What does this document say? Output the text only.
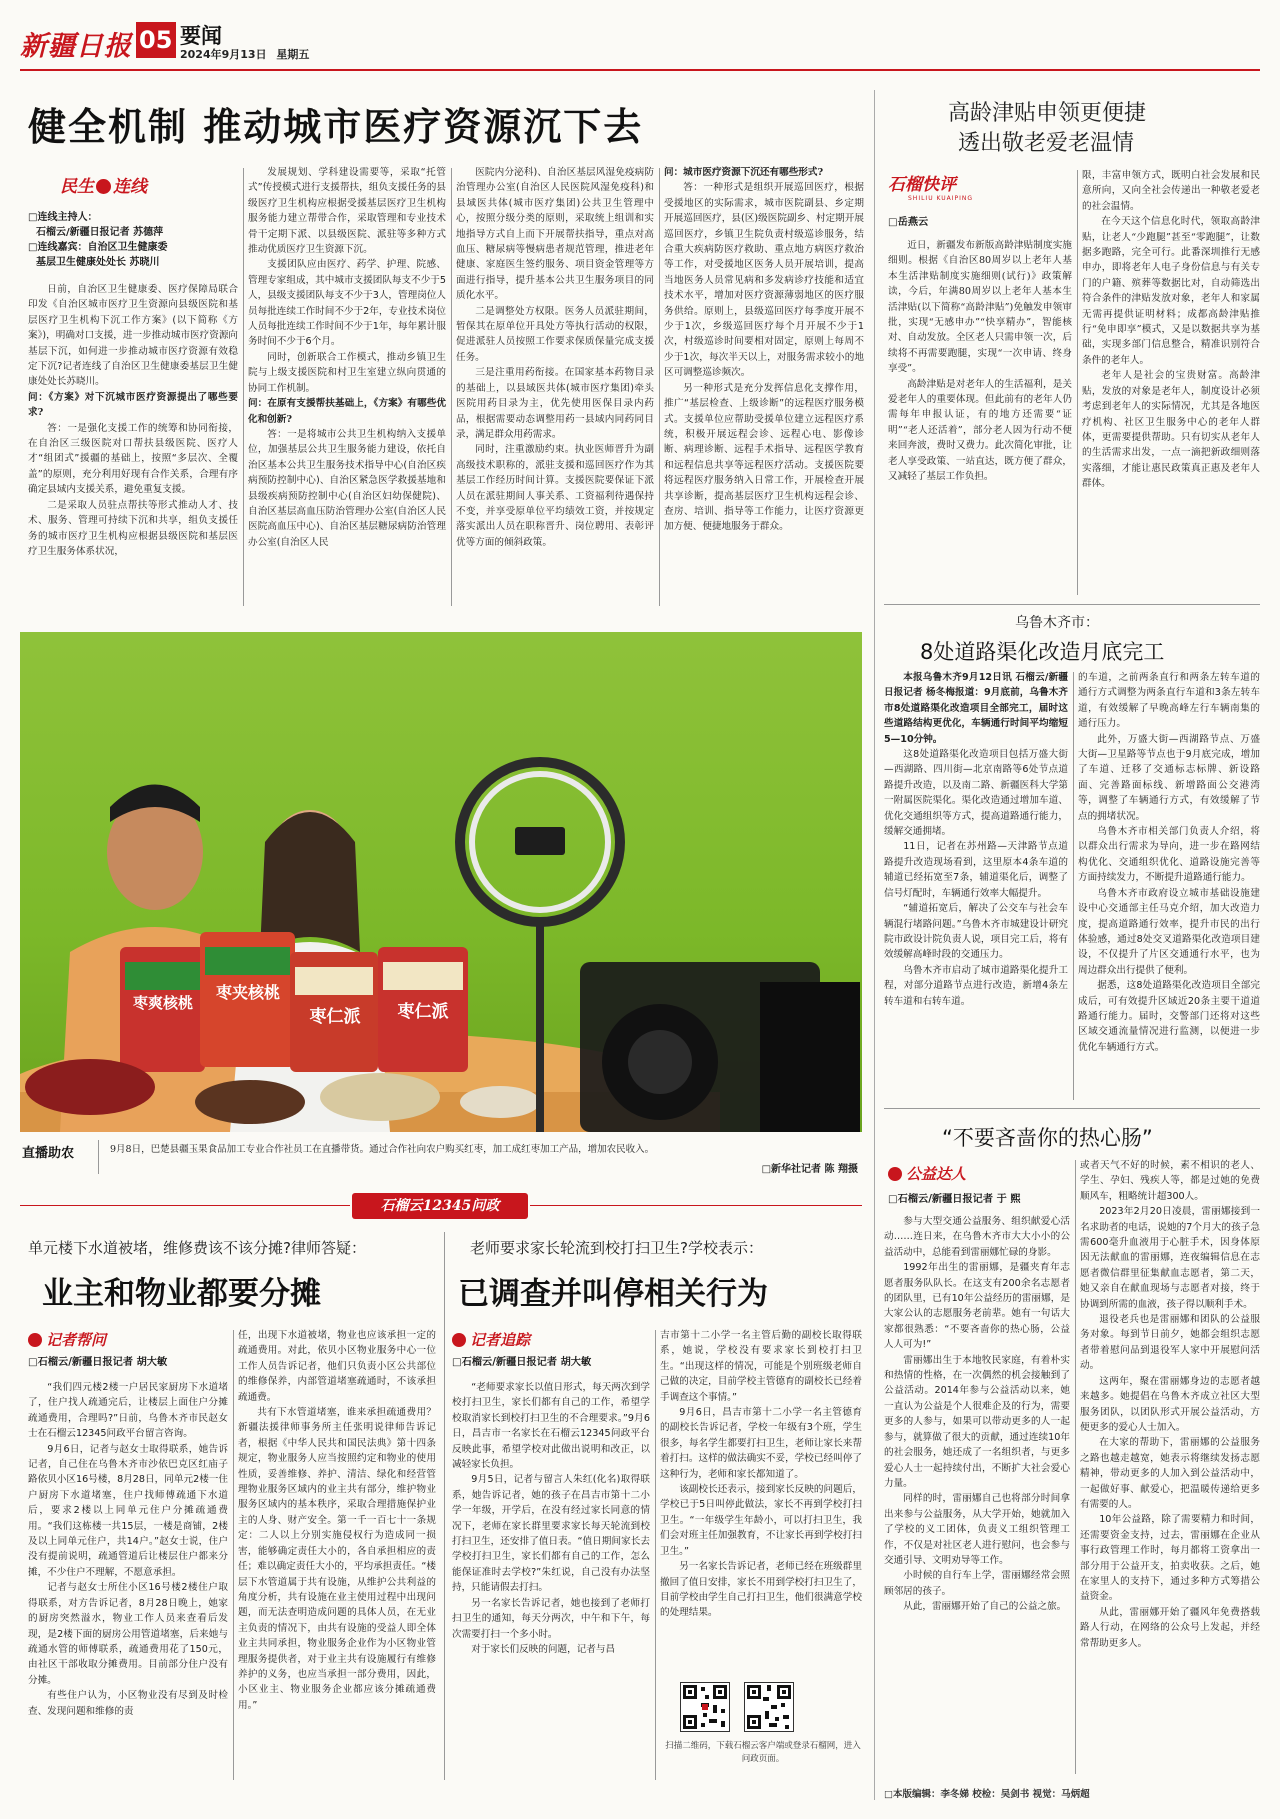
新疆日报 05 要闻
2024年9月13日 星期五
健全机制 推动城市医疗资源沉下去
民生 连线
□连线主持人：
石榴云/新疆日报记者 苏德萍
□连线嘉宾：自治区卫生健康委
基层卫生健康处处长 苏晓川

日前，自治区卫生健康委、医疗保障局联合印发《自治区城市医疗卫生资源向县级医院和基层医疗卫生机构下沉工作方案》(以下简称《方案》)，明确对口支援，进一步推动城市医疗资源向基层下沉，如何进一步推动城市医疗资源有效稳定下沉?记者连线了自治区卫生健康委基层卫生健康处处长苏晓川。

问：《方案》对下沉城市医疗资源提出了哪些要求?

答：一是强化支援工作的统筹和协同衔接，在自治区三级医院对口帮扶县级医院、医疗人才“组团式”援疆的基础上，按照“多层次、全覆盖”的原则，充分利用好现有合作关系，合理有序确定县域内支援关系，避免重复支援。

二是采取人员驻点帮扶等形式推动人才、技术、服务、管理可持续下沉和共享，组负支援任务的城市医疗卫生机构应根据县级医院和基层医疗卫生服务体系状况，

发展规划、学科建设需要等，采取“托管式”传授模式进行支援帮扶，组负支援任务的县级医疗卫生机构应根据受援基层医疗卫生机构服务能力建立帮带合作，采取管理和专业技术骨干定期下派、以县级医院、派驻等多种方式推动优质医疗卫生资源下沉。

支援团队应由医疗、药学、护理、院感、管理专家组成，其中城市支援团队每支不少于5人，县级支援团队每支不少于3人，管理岗位人员每批连续工作时间不少于2年，专业技术岗位人员每批连续工作时间不少于1年，每年累计服务时间不少于6个月。

同时，创新联合工作模式，推动乡镇卫生院与上级支援医院和村卫生室建立纵向贯通的协同工作机制。

问：在原有支援帮扶基础上，《方案》有哪些优化和创新?

答：一是将城市公共卫生机构纳入支援单位，加强基层公共卫生服务能力建设，依托自治区基本公共卫生服务技术指导中心(自治区疾病预防控制中心)、自治区紧急医学救援基地和县级疾病预防控制中心(自治区妇幼保健院)、自治区基层高血压防治管理办公室(自治区人民医院高血压中心)、自治区基层糖尿病防治管理办公室(自治区人民

医院内分泌科)、自治区基层风湿免疫病防治管理办公室(自治区人民医院风湿免疫科)和县域医共体(城市医疗集团)公共卫生管理中心，按照分级分类的原则，采取统上组训和实地指导方式自上而下开展帮扶指导，重点对高血压、糖尿病等慢病患者规范管理，推进老年健康、家庭医生签约服务、项目资金管理等方面进行指导，提升基本公共卫生服务项目的同质化水平。

二是调整处方权限。医务人员派驻期间，暂保其在原单位开具处方等执行活动的权限，促进派驻人员按照工作要求保质保量完成支援任务。

三是注重用药衔接。在国家基本药物目录的基础上，以县域医共体(城市医疗集团)牵头医院用药目录为主，优先使用医保目录内药品，根据需要动态调整用药一县域内同药同目录，满足群众用药需求。

同时，注重激励约束。执业医师晋升为副高级技术职称的，派驻支援和巡回医疗作为其基层工作经历时间计算。支援医院要保证下派人员在派驻期间人事关系、工资福利待遇保持不变，并享受原单位平均绩效工资，并按规定落实派出人员在职称晋升、岗位聘用、表彰评优等方面的倾斜政策。

问：城市医疗资源下沉还有哪些形式?

答：一种形式是组织开展巡回医疗，根据受援地区的实际需求，城市医院副县、乡定期开展巡回医疗，县(区)级医院副乡、村定期开展巡回医疗，乡镇卫生院负责村级巡诊服务，结合重大疾病防医疗救助、重点地方病医疗救治等工作，对受援地区医务人员开展培训，提高当地医务人员常见病和多发病诊疗技能和适宜技术水平，增加对医疗资源薄弱地区的医疗服务供给。原则上，县级巡回医疗每季度开展不少于1次，乡级巡回医疗每个月开展不少于1次，村级巡诊时间要相对固定，原则上每周不少于1次，每次半天以上，对服务需求较小的地区可调整巡诊频次。

另一种形式是充分发挥信息化支撑作用，推广“基层检查、上级诊断”的远程医疗服务模式。支援单位应帮助受援单位建立远程医疗系统，积极开展远程会诊、远程心电、影像诊断、病理诊断、远程手术指导、远程医学教育和远程信息共享等远程医疗活动。支援医院要将远程医疗服务纳入日常工作，开展检查开展共享诊断，提高基层医疗卫生机构远程会诊、查房、培训、指导等工作能力，让医疗资源更加方便、便捷地服务于群众。

高龄津贴申领更便捷
透出敬老爱老温情
石榴快评
SHILIU KUAIPING
□岳燕云

近日，新疆发布新版高龄津贴制度实施细则。根据《自治区80周岁以上老年人基本生活津贴制度实施细则(试行)》政策解读，今后，年满80周岁以上老年人基本生活津贴(以下简称“高龄津贴”)免触发申领审批，实现“无感申办”“快享精办”，智能核对、自动发放。全区老人只需申领一次，后续将不再需要跑腿，实现“一次申请、终身享受”。

高龄津贴是对老年人的生活福利，是关爱老年人的重要体现。但此前有的老年人仍需每年申报认证，有的地方还需要“证明”“老人还活着”，部分老人因为行动不便来回奔波，费时又费力。此次简化审批，让老人享受政策、一站直达，既方便了群众，又减轻了基层工作负担。

限，丰富申领方式，既明白社会发展和民意所向，又向全社会传递出一种敬老爱老的社会温情。

在今天这个信息化时代，领取高龄津贴，让老人“少跑腿”甚至“零跑腿”，让数据多跑路，完全可行。此番深圳推行无感申办，即将老年人电子身份信息与有关专门的户籍、殡葬等数据比对，自动筛选出符合条件的津贴发放对象，老年人和家属无需再提供证明材料；成都高龄津贴推行“免申即享”模式，又是以数据共享为基础，实现多部门信息整合，精准识别符合条件的老年人。

老年人是社会的宝贵财富。高龄津贴，发放的对象是老年人，制度设计必须考虑到老年人的实际情况，尤其是各地医疗机构、社区卫生服务中心的老年人群体，更需要提供帮助。只有切实从老年人的生活需求出发，一点一滴把新政细则落实落细，才能让惠民政策真正惠及老年人群体。

枣爽核桃
枣夹核桃
枣仁派	枣仁派
直播助农	9月8日，巴楚县疆玉果食品加工专业合作社员工在直播带货。通过合作社向农户购买红枣，加工成红枣加工产品，增加农民收入。
□新华社记者 陈 翔摄
乌鲁木齐市：
8处道路渠化改造月底完工

本报乌鲁木齐9月12日讯 石榴云/新疆日报记者 杨冬梅报道：9月底前，乌鲁木齐市8处道路渠化改造项目全部完工，届时这些道路结构更优化，车辆通行时间平均缩短5—10分钟。

这8处道路渠化改造项目包括万盛大街—西湖路、四川街—北京南路等6处节点道路提升改造，以及南二路、新疆医科大学第一附属医院渠化。渠化改造通过增加车道、优化交通组织等方式，提高道路通行能力，缓解交通拥堵。

11日，记者在苏州路—天津路节点道路提升改造现场看到，这里原本4条车道的辅道已经拓宽至7条，辅道渠化后，调整了信号灯配时，车辆通行效率大幅提升。

“辅道拓宽后，解决了公交车与社会车辆混行堵路问题。”乌鲁木齐市城建设计研究院市政设计院负责人说，项目完工后，将有效缓解高峰时段的交通压力。

乌鲁木齐市启动了城市道路渠化提升工程，对部分道路节点进行改造，新增4条左转车道和右转车道。

的车道，之前两条直行和两条左转车道的通行方式调整为两条直行车道和3条左转车道，有效缓解了早晚高峰左行车辆南集的通行压力。

此外，万盛大街—西湖路节点、万盛大街—卫星路等节点也于9月底完成，增加了车道、迁移了交通标志标牌、新设路面、完善路面标线、新增路面公交港湾等，调整了车辆通行方式，有效缓解了节点的拥堵状况。

乌鲁木齐市相关部门负责人介绍，将以群众出行需求为导向，进一步在路网结构优化、交通组织优化、道路设施完善等方面持续发力，不断提升道路通行能力。

乌鲁木齐市政府设立城市基础设施建设中心交通部主任马克介绍，加大改造力度，提高道路通行效率，提升市民的出行体验感，通过8处交叉道路渠化改造项目建设，不仅提升了片区交通通行水平，也为周边群众出行提供了便利。

据悉，这8处道路渠化改造项目全部完成后，可有效提升区域近20条主要干道道路通行能力。届时，交警部门还将对这些区域交通流量情况进行监测，以便进一步优化车辆通行方式。

“不要吝啬你的热心肠”
公益达人
□石榴云/新疆日报记者 于 熙

参与大型交通公益服务、组织献爱心活动……连日来，在乌鲁木齐市大大小小的公益活动中，总能看到雷丽娜忙碌的身影。

1992年出生的雷丽娜，是疆夹育年志愿者服务队队长。在这支有200余名志愿者的团队里，已有10年公益经历的雷丽娜，是大家公认的志愿服务老前辈。她有一句话大家都很熟悉：“不要吝啬你的热心肠，公益人人可为!”

雷丽娜出生于本地牧民家庭，有着朴实和热情的性格，在一次偶然的机会接触到了公益活动。2014年参与公益活动以来，她一直认为公益是个人很难企及的行为，需要更多的人参与，如果可以带动更多的人一起参与，就算做了很大的贡献，通过连续10年的社会服务，她还成了一名组织者，与更多爱心人士一起持续付出，不断扩大社会爱心力量。

同样的时，雷丽娜自己也将部分时间拿出来参与公益服务，从大学开始，她就加入了学校的义工团体，负责义工组织管理工作，不仅是对社区老人进行慰问，也会参与交通引导、文明劝导等工作。

小时候的自行车上学，雷丽娜经常会照顾邻居的孩子。

从此，雷丽娜开始了自己的公益之旅。

或者天气不好的时候，素不相识的老人、学生、孕妇、残疾人等，都是过她的免费顺风车，粗略统计超300人。

2023年2月20日凌晨，雷丽娜接到一名求助者的电话，说她的7个月大的孩子急需600毫升血液用于心脏手术，因身体原因无法献血的雷丽娜，连夜编辑信息在志愿者微信群里征集献血志愿者，第二天，她又亲自在献血现场与志愿者对接，终于协调到所需的血液，孩子得以顺利手术。

退役老兵也是雷丽娜和团队的公益服务对象。每到节日前夕，她都会组织志愿者带着慰问品到退役军人家中开展慰问活动。

这两年，聚在雷丽娜身边的志愿者越来越多。她提倡在乌鲁木齐成立社区大型服务团队，以团队形式开展公益活动，方便更多的爱心人士加入。

在大家的帮助下，雷丽娜的公益服务之路也越走越宽，她表示将继续发扬志愿精神，带动更多的人加入到公益活动中，一起做好事、献爱心，把温暖传递给更多有需要的人。

10年公益路，除了需要精力和时间，还需要资金支持，过去，雷丽娜在企业从事行政管理工作时，每月都将工资拿出一部分用于公益开支，拍卖收获。之后，她在家里人的支持下，通过多种方式筹措公益资金。

从此，雷丽娜开始了疆风年免费搭载路人行动，在网络的公众号上发起，并经常帮助更多人。

石榴云12345问政
单元楼下水道被堵，维修费该不该分摊?律师答疑：
业主和物业都要分摊
记者帮问
□石榴云/新疆日报记者 胡大敏

“我们四元楼2楼一户居民家厨房下水道堵了，住户找人疏通完后，让楼层上面住户分摊疏通费用，合理吗?”日前，乌鲁木齐市民赵女士在石榴云12345问政平台留言咨询。

9月6日，记者与赵女士取得联系，她告诉记者，自己住在乌鲁木齐市沙依巴克区红庙子路依贝小区16号楼，8月28日，同单元2楼一住户厨房下水道堵塞，住户找师傅疏通下水道后，要求2楼以上同单元住户分摊疏通费用。“我们这栋楼一共15层，一楼是商铺，2楼及以上同单元住户，共14户。”赵女士说，住户没有提前说明，疏通管道后让楼层住户都来分摊，不少住户不理解，不愿意承担。

记者与赵女士所住小区16号楼2楼住户取得联系，对方告诉记者，8月28日晚上，她家的厨房突然溢水，物业工作人员来查看后发现，是2楼下面的厨房公用管道堵塞，后来她与疏通水管的师傅联系，疏通费用花了150元，由社区干部收取分摊费用。目前部分住户没有分摊。

有些住户认为，小区物业没有尽到及时检查、发现问题和维修的责

任，出现下水道被堵，物业也应该承担一定的疏通费用。对此，依贝小区物业服务中心一位工作人员告诉记者，他们只负责小区公共部位的维修保养，内部管道堵塞疏通时，不该承担疏通费。

共有下水管道堵塞，谁来承担疏通费用？新疆法援律师事务所主任张明说律师告诉记者，根据《中华人民共和国民法典》第十四条规定，物业服务人应当按照约定和物业的使用性质，妥善维修、养护、清洁、绿化和经营管理物业服务区域内的业主共有部分，维护物业服务区域内的基本秩序，采取合理措施保护业主的人身、财产安全。第一千一百七十一条规定：二人以上分别实施侵权行为造成同一损害，能够确定责任大小的，各自承担相应的责任；难以确定责任大小的，平均承担责任。“楼层下水管道属于共有设施，从维护公共利益的角度分析，共有设施在业主使用过程中出现问题，而无法查明造成问题的具体人员，在无业主负责的情况下，由共有设施的受益人即全体业主共同承担，物业服务企业作为小区物业管理服务提供者，对于业主共有设施履行有维修养护的义务，也应当承担一部分费用，因此，小区业主、物业服务企业都应该分摊疏通费用。”

老师要求家长轮流到校打扫卫生?学校表示：
已调查并叫停相关行为
记者追踪
□石榴云/新疆日报记者 胡大敏

“老师要求家长以值日形式，每天两次到学校打扫卫生，家长们都有自己的工作，希望学校取消家长到校打扫卫生的不合理要求。”9月6日，昌吉市一名家长在石榴云12345问政平台反映此事，希望学校对此做出说明和改正，以减轻家长负担。

9月5日，记者与留言人朱红(化名)取得联系，她告诉记者，她的孩子在昌吉市第十二小学一年级，开学后，在没有经过家长同意的情况下，老师在家长群里要求家长每天轮流到校打扫卫生，还安排了值日表。“值日期间家长去学校打扫卫生，家长们都有自己的工作，怎么能保证准时去学校?”朱红说，自己没有办法坚持，只能请假去打扫。

另一名家长告诉记者，她也接到了老师打扫卫生的通知，每天分两次，中午和下午，每次需要打扫一个多小时。

对于家长们反映的问题，记者与昌

吉市第十二小学一名主管后勤的副校长取得联系，她说，学校没有要求家长到校打扫卫生。“出现这样的情况，可能是个别班级老师自己做的决定，目前学校主管德育的副校长已经着手调查这个事情。”

9月6日，昌吉市第十二小学一名主管德育的副校长告诉记者，学校一年级有3个班，学生很多，每名学生都要打扫卫生，老师让家长来帮着打扫。这样的做法确实不妥，学校已经叫停了这种行为，老师和家长都知道了。

该副校长还表示，接到家长反映的问题后，学校已于5日叫停此做法，家长不再到学校打扫卫生。“一年级学生年龄小，可以打扫卫生，我们会对班主任加强教育，不让家长再到学校打扫卫生。”

另一名家长告诉记者，老师已经在班级群里撤回了值日安排，家长不用到学校打扫卫生了，目前学校由学生自己打扫卫生，他们很满意学校的处理结果。

扫描二维码，下载石榴云客户端或登录石榴网，进入问政页面。
□本版编辑：李冬娣 校检：吴剑书 视觉：马炳超
